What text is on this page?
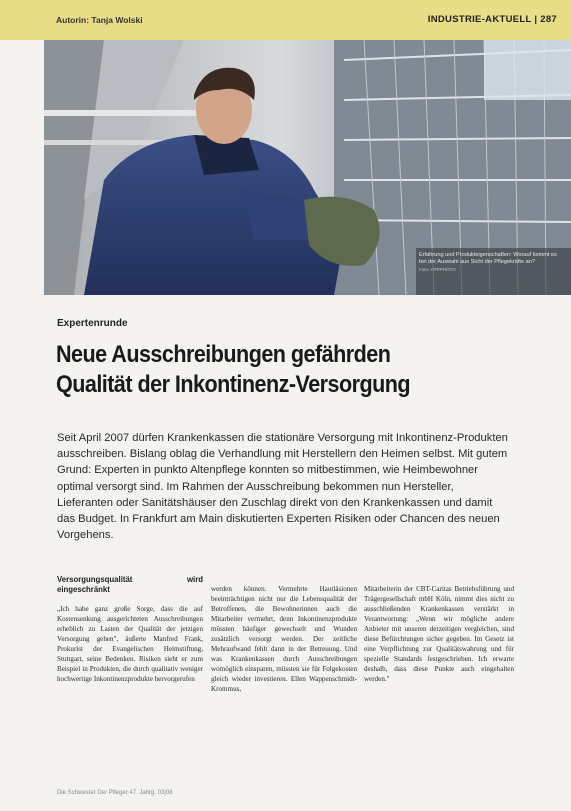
Autorin: Tanja Wolski	INDUSTRIE-AKTUELL | 287
Erfahrung und Produkteigenschaften: Worauf kommt es bei der Auswahl aus Sicht der Pflegekräfte an?
Foto: HTRPHOTO
Expertenrunde
Neue Ausschreibungen gefährden
Qualität der Inkontinenz-Versorgung
Seit April 2007 dürfen Krankenkassen die stationäre Versorgung mit Inkontinenz-Produkten ausschreiben. Bislang oblag die Verhandlung mit Herstellern den Heimen selbst. Mit gutem Grund: Experten in punkto Altenpflege konnten so mitbestimmen, wie Heimbewohner optimal versorgt sind. Im Rahmen der Ausschreibung bekommen nun Hersteller, Lieferanten oder Sanitätshäuser den Zuschlag direkt von den Krankenkassen und damit das Budget. In Frankfurt am Main diskutierten Experten Risiken oder Chancen des neuen Vorgehens.
Versorgungsqualität wird eingeschränkt
„Ich habe ganz große Sorge, dass die auf Kostensenkung ausgerichteten Ausschreibungen erheblich zu Lasten der Qualität der jetzigen Versorgung gehen", äußerte Manfred Frank, Prokurist der Evangelischen Heimstiftung, Stuttgart, seine Bedenken. Risiken sieht er zum Beispiel in Produkten, die durch qualitativ weniger hochwertige Inkontinenzprodukte hervorgerufen
werden können. Vermehrte Hautläsionen beeinträchtigen nicht nur die Lebensqualität der Betroffenen, die Bewohnerinnen auch die Mitarbeiter vermehrt, denn Inkontinenzprodukte müssten häufiger gewechselt und Wunden zusätzlich versorgt werden. Der zeitliche Mehraufwand fehlt dann in der Betreuung. Und was Krankenkassen durch Ausschreibungen womöglich einsparen, müssten sie für Folgekosten gleich wieder investieren. Ellen Wappenschmidt-Krommus,
Mitarbeiterin der CBT-Caritas Betriebsführung und Trägergesellschaft mbH Köln, nimmt dies nicht zu ausschließenden Krankenkassen verstärkt in Verantwortung: „Wenn wir mögliche andere Anbieter mit unseren derzeitigen vergleichen, sind diese Befürchtungen sicher gegeben. Im Gesetz ist eine Verpflichtung zur Qualitätswahrung und für spezielle Standards festgeschrieben. Ich erwarte deshalb, dass diese Punkte auch eingehalten werden."
Die Schwester Der Pfleger 47. Jahrg. 03|08
